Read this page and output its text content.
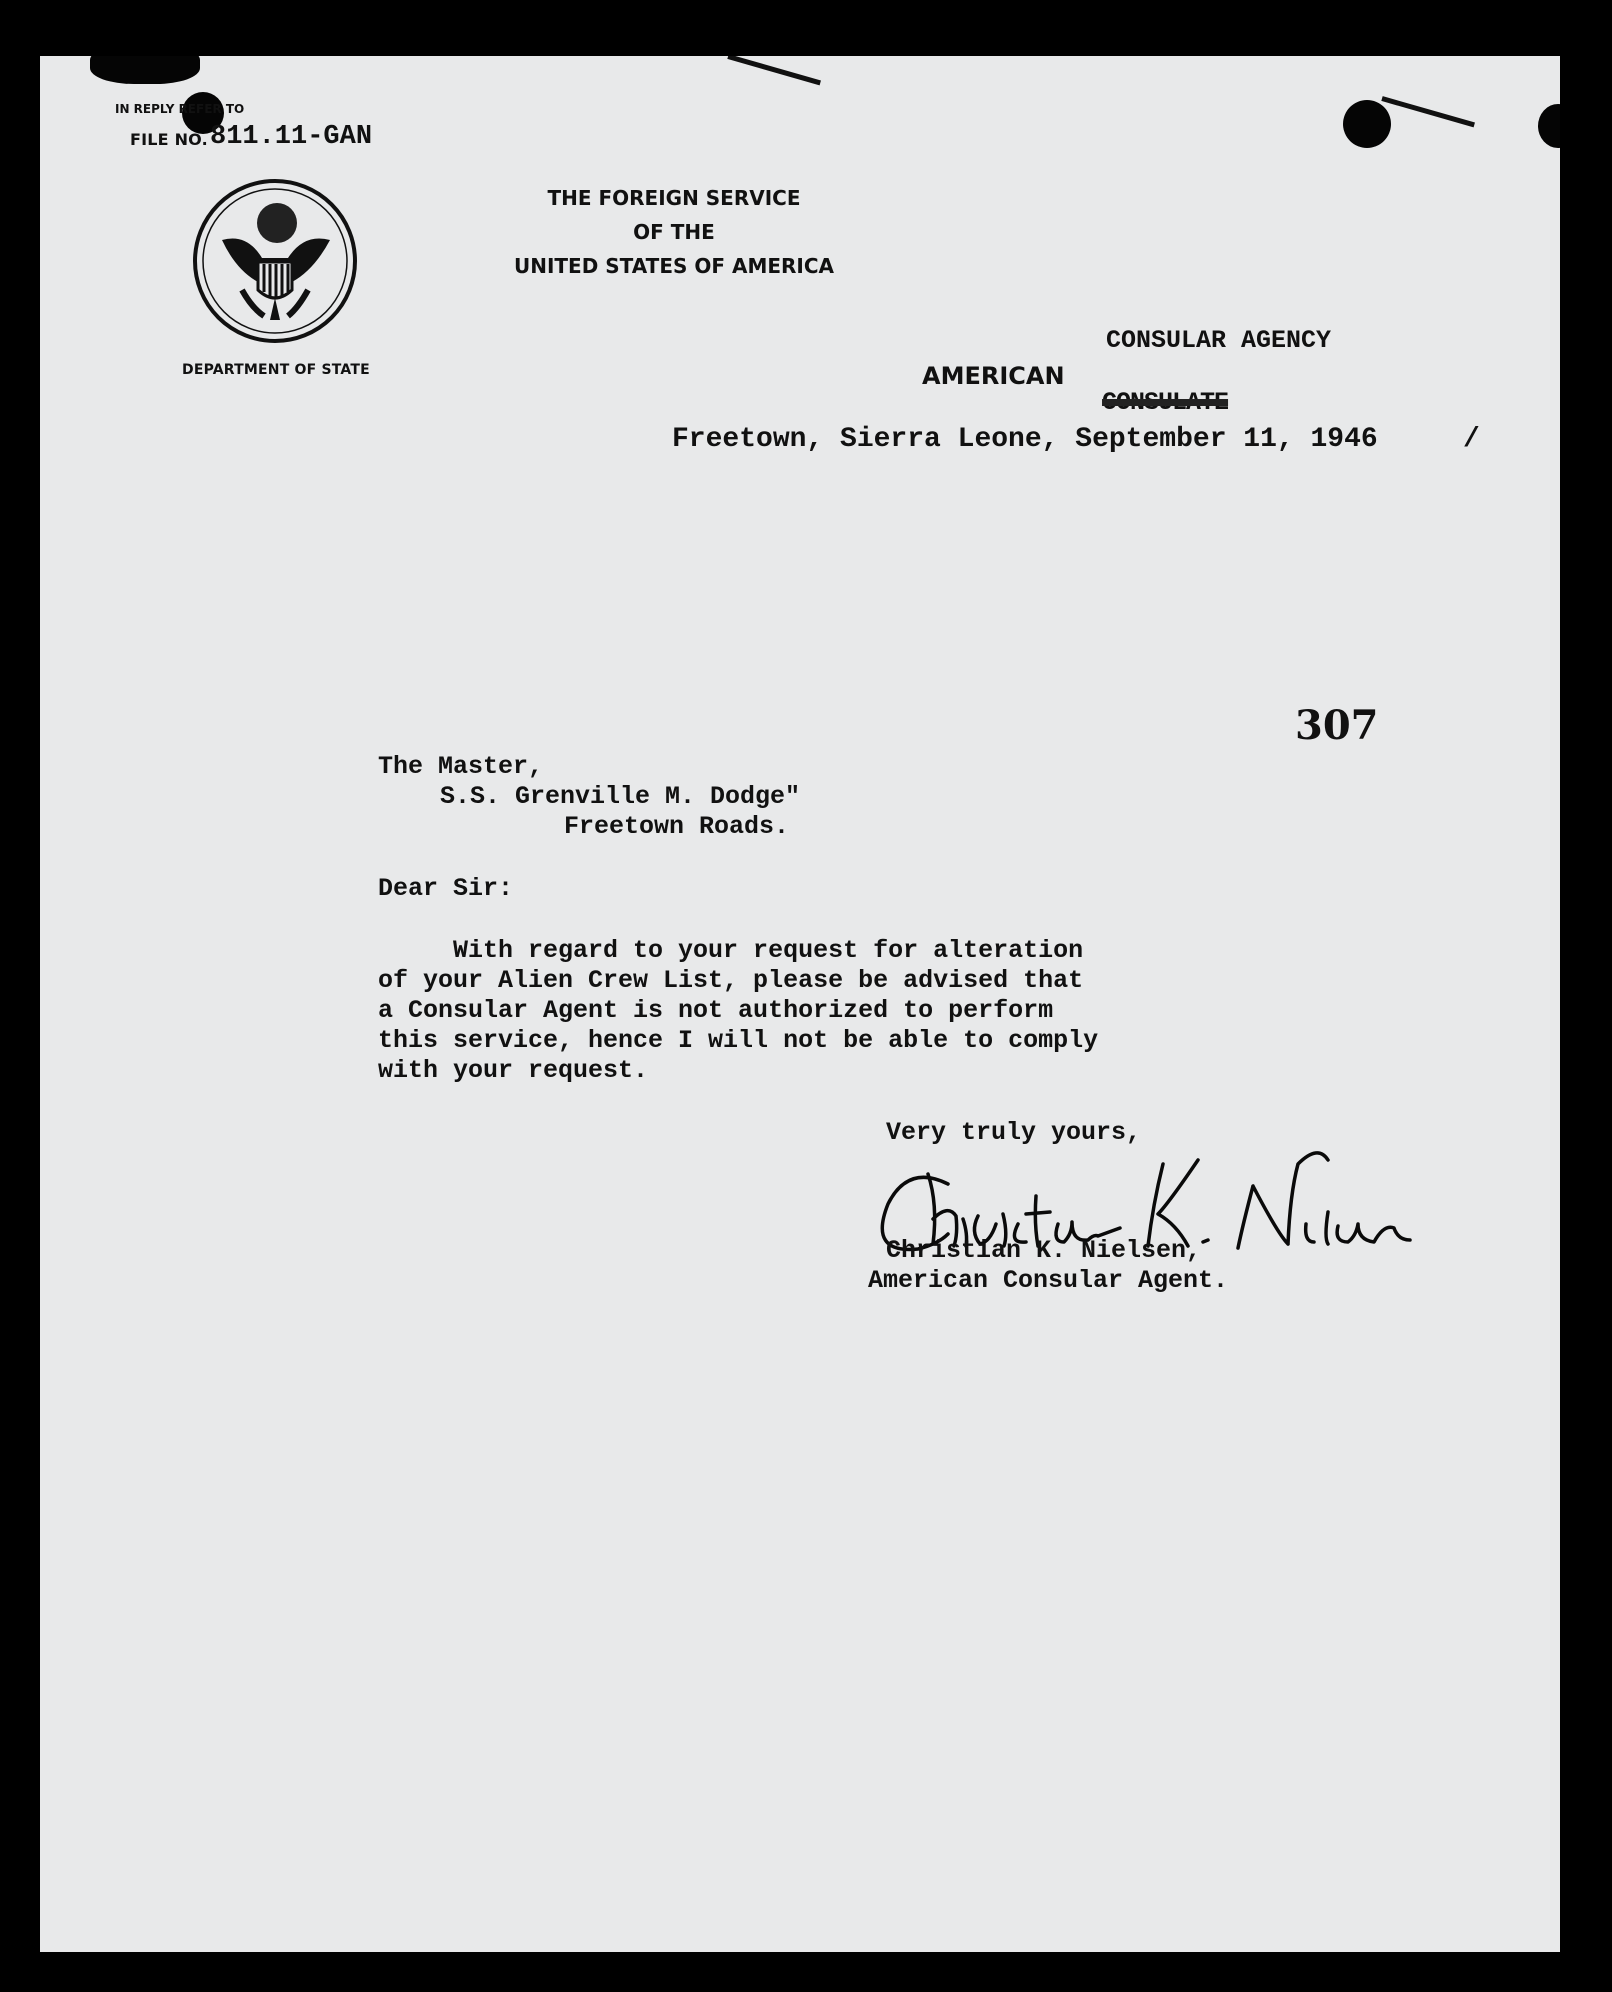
IN REPLY REFER TO
FILE NO. 811.11-GAN
DEPARTMENT OF STATE
THE FOREIGN SERVICE
OF THE
UNITED STATES OF AMERICA
CONSULAR AGENCY
AMERICAN

CONSULATE

Freetown, Sierra Leone, September 11, 1946	/
307
The Master,
S.S. Grenville M. Dodge"
Freetown Roads.
Dear Sir:
With regard to your request for alteration
of your Alien Crew List, please be advised that
a Consular Agent is not authorized to perform
this service, hence I will not be able to comply
with your request.
Very truly yours,
Christian K. Nielsen,
American Consular Agent.
